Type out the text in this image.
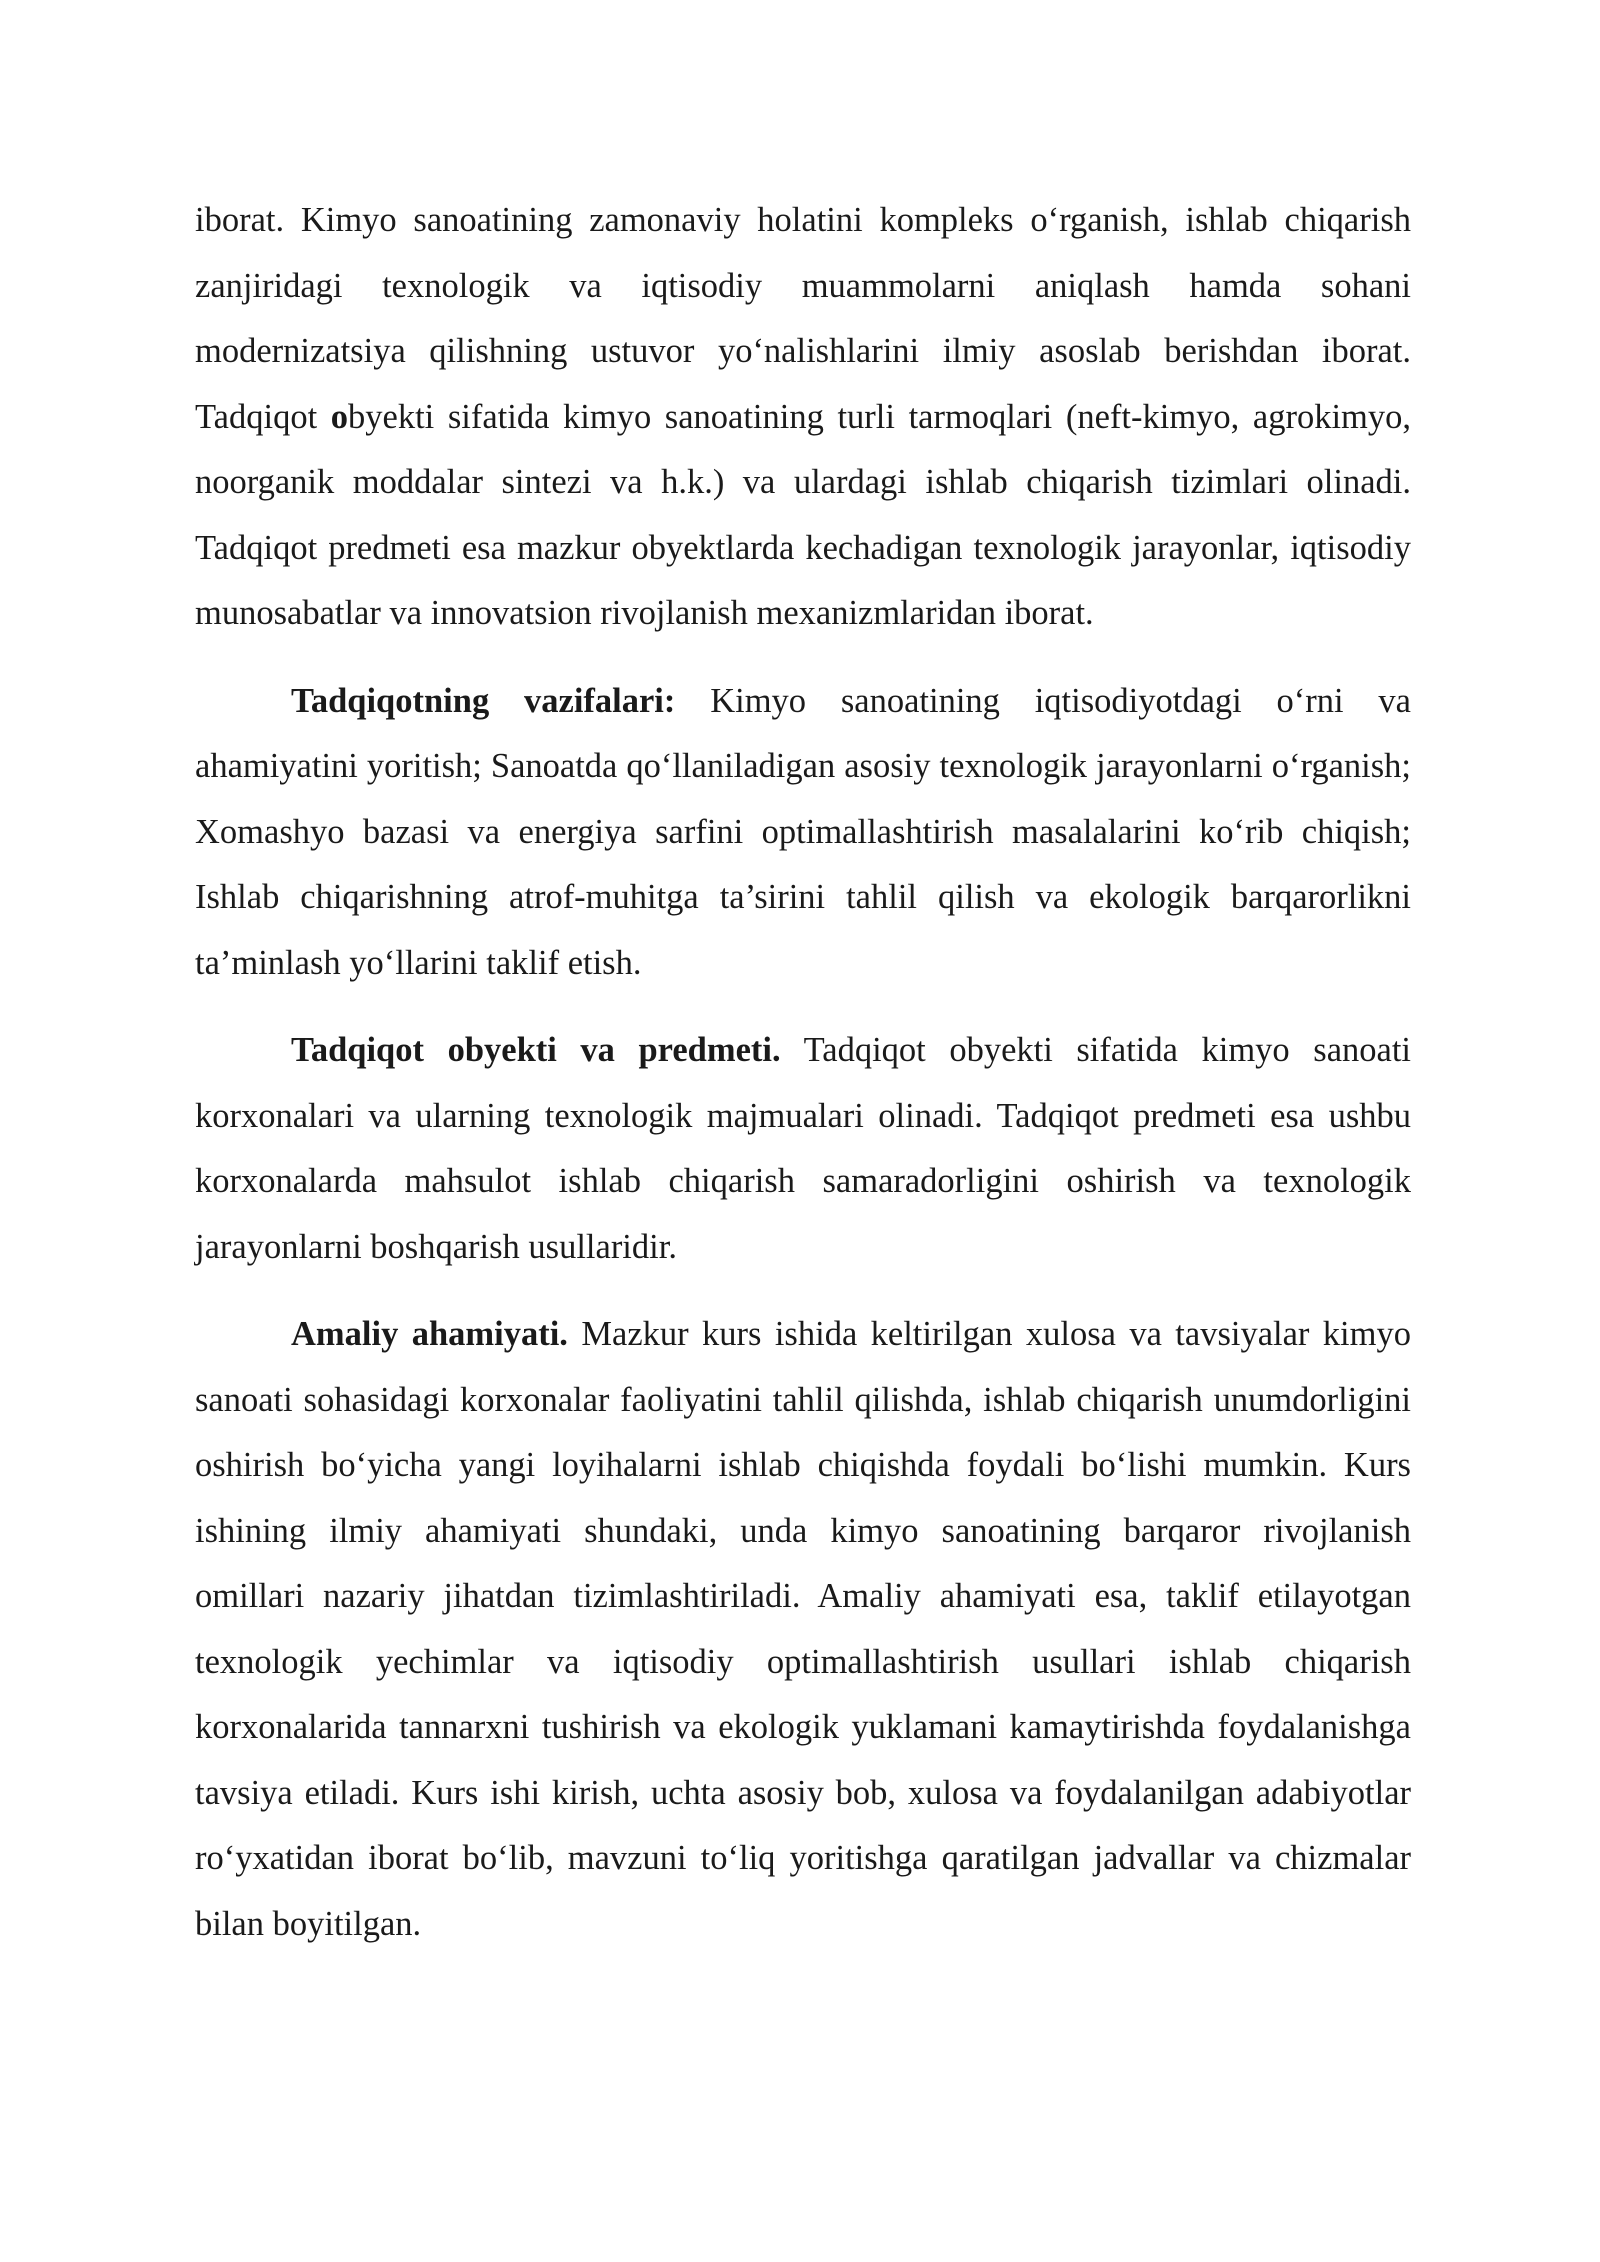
iborat. Kimyo sanoatining zamonaviy holatini kompleks o‘rganish, ishlab chiqarish zanjiridagi texnologik va iqtisodiy muammolarni aniqlash hamda sohani modernizatsiya qilishning ustuvor yo‘nalishlarini ilmiy asoslab berishdan iborat. Tadqiqot obyekti sifatida kimyo sanoatining turli tarmoqlari (neft-kimyo, agrokimyo, noorganik moddalar sintezi va h.k.) va ulardagi ishlab chiqarish tizimlari olinadi. Tadqiqot predmeti esa mazkur obyektlarda kechadigan texnologik jarayonlar, iqtisodiy munosabatlar va innovatsion rivojlanish mexanizmlaridan iborat.

Tadqiqotning vazifalari: Kimyo sanoatining iqtisodiyotdagi o‘rni va ahamiyatini yoritish; Sanoatda qo‘llaniladigan asosiy texnologik jarayonlarni o‘rganish; Xomashyo bazasi va energiya sarfini optimallashtirish masalalarini ko‘rib chiqish; Ishlab chiqarishning atrof-muhitga ta’sirini tahlil qilish va ekologik barqarorlikni ta’minlash yo‘llarini taklif etish.

Tadqiqot obyekti va predmeti. Tadqiqot obyekti sifatida kimyo sanoati korxonalari va ularning texnologik majmualari olinadi. Tadqiqot predmeti esa ushbu korxonalarda mahsulot ishlab chiqarish samaradorligini oshirish va texnologik jarayonlarni boshqarish usullaridir.

Amaliy ahamiyati. Mazkur kurs ishida keltirilgan xulosa va tavsiyalar kimyo sanoati sohasidagi korxonalar faoliyatini tahlil qilishda, ishlab chiqarish unumdorligini oshirish bo‘yicha yangi loyihalarni ishlab chiqishda foydali bo‘lishi mumkin. Kurs ishining ilmiy ahamiyati shundaki, unda kimyo sanoatining barqaror rivojlanish omillari nazariy jihatdan tizimlashtiriladi. Amaliy ahamiyati esa, taklif etilayotgan texnologik yechimlar va iqtisodiy optimallashtirish usullari ishlab chiqarish korxonalarida tannarxni tushirish va ekologik yuklamani kamaytirishda foydalanishga tavsiya etiladi. Kurs ishi kirish, uchta asosiy bob, xulosa va foydalanilgan adabiyotlar ro‘yxatidan iborat bo‘lib, mavzuni to‘liq yoritishga qaratilgan jadvallar va chizmalar bilan boyitilgan.
